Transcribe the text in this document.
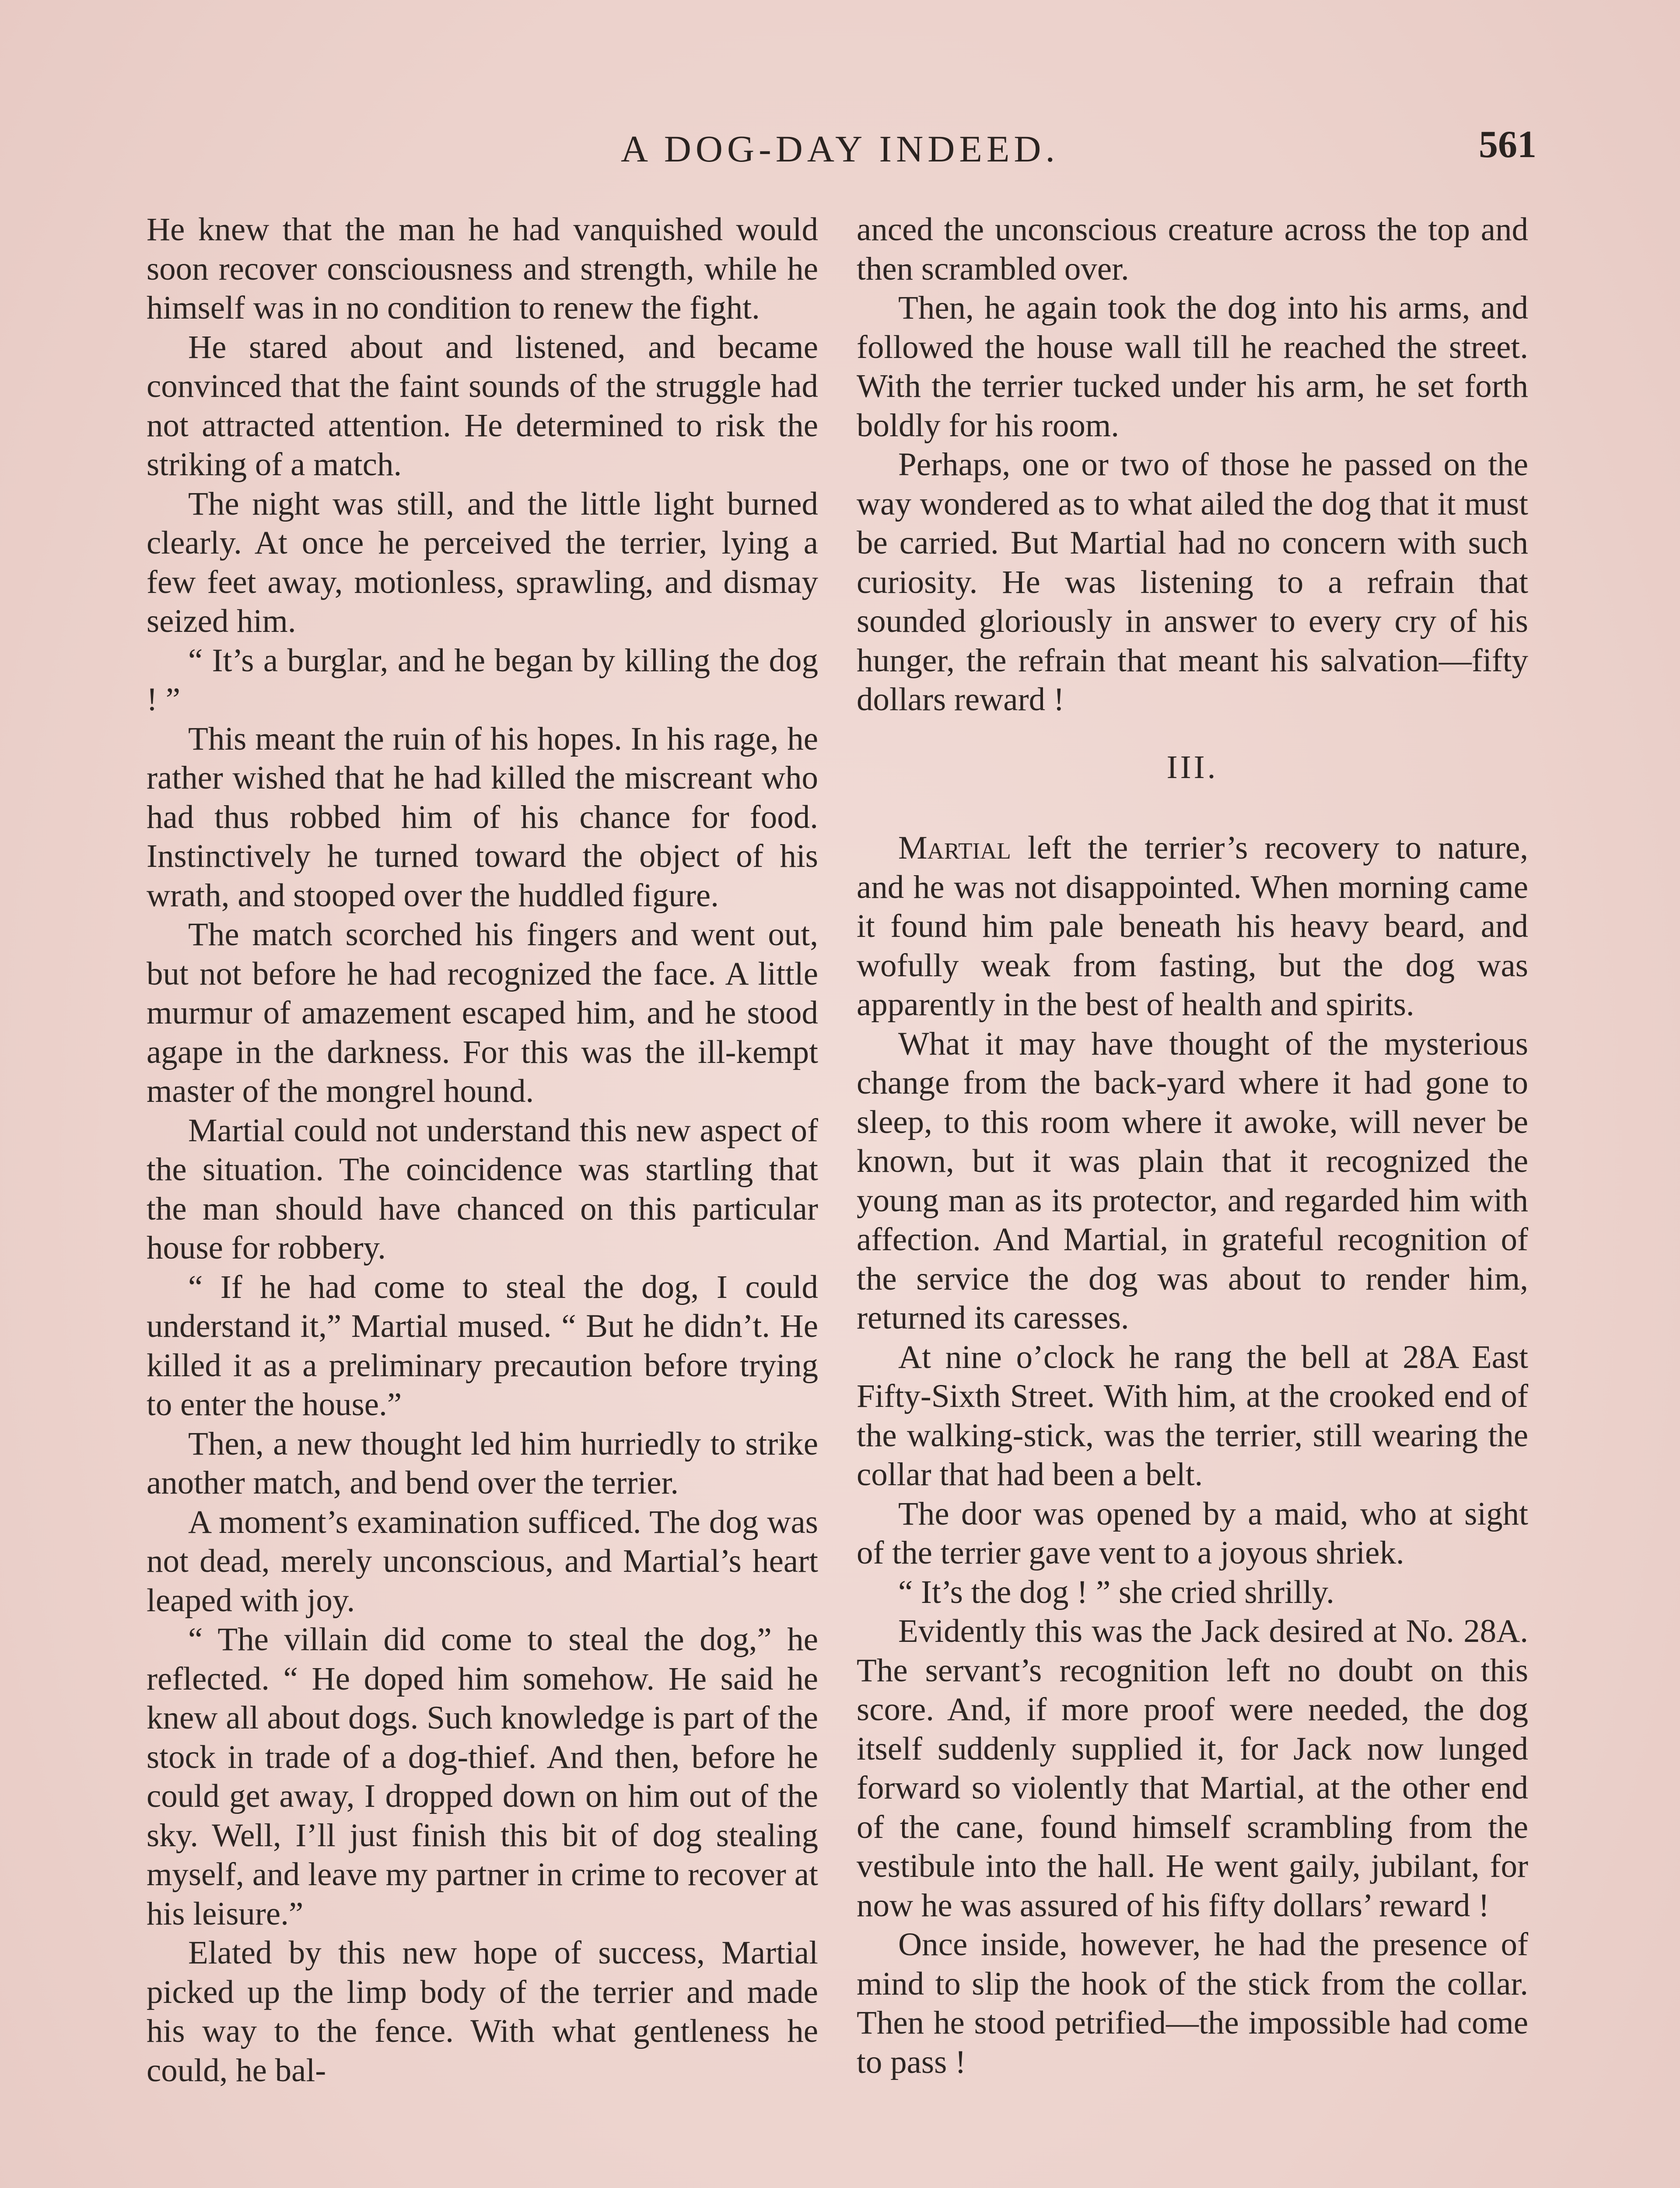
A DOG-DAY INDEED.	561

He knew that the man he had vanquished would soon recover consciousness and strength, while he himself was in no condition to renew the fight.

He stared about and listened, and became convinced that the faint sounds of the struggle had not attracted attention. He determined to risk the striking of a match.

The night was still, and the little light burned clearly. At once he perceived the terrier, lying a few feet away, motionless, sprawling, and dismay seized him.

“ It’s a burglar, and he began by killing the dog ! ”

This meant the ruin of his hopes. In his rage, he rather wished that he had killed the miscreant who had thus robbed him of his chance for food. Instinctively he turned toward the object of his wrath, and stooped over the huddled figure.

The match scorched his fingers and went out, but not before he had recognized the face. A little murmur of amazement escaped him, and he stood agape in the darkness. For this was the ill-kempt master of the mongrel hound.

Martial could not understand this new aspect of the situation. The coincidence was startling that the man should have chanced on this particular house for robbery.

“ If he had come to steal the dog, I could understand it,” Martial mused. “ But he didn’t. He killed it as a preliminary precaution before trying to enter the house.”

Then, a new thought led him hurriedly to strike another match, and bend over the terrier.

A moment’s examination sufficed. The dog was not dead, merely unconscious, and Martial’s heart leaped with joy.

“ The villain did come to steal the dog,” he reflected. “ He doped him somehow. He said he knew all about dogs. Such knowledge is part of the stock in trade of a dog-thief. And then, before he could get away, I dropped down on him out of the sky. Well, I’ll just finish this bit of dog stealing myself, and leave my partner in crime to recover at his leisure.”

Elated by this new hope of success, Martial picked up the limp body of the terrier and made his way to the fence. With what gentleness he could, he bal-

anced the unconscious creature across the top and then scrambled over.

Then, he again took the dog into his arms, and followed the house wall till he reached the street. With the terrier tucked under his arm, he set forth boldly for his room.

Perhaps, one or two of those he passed on the way wondered as to what ailed the dog that it must be carried. But Martial had no concern with such curiosity. He was listening to a refrain that sounded gloriously in answer to every cry of his hunger, the refrain that meant his salvation—fifty dollars reward !

III.

Martial left the terrier’s recovery to nature, and he was not disappointed. When morning came it found him pale beneath his heavy beard, and wofully weak from fasting, but the dog was apparently in the best of health and spirits.

What it may have thought of the mysterious change from the back-yard where it had gone to sleep, to this room where it awoke, will never be known, but it was plain that it recognized the young man as its protector, and regarded him with affection. And Martial, in grateful recognition of the service the dog was about to render him, returned its caresses.

At nine o’clock he rang the bell at 28A East Fifty-Sixth Street. With him, at the crooked end of the walking-stick, was the terrier, still wearing the collar that had been a belt.

The door was opened by a maid, who at sight of the terrier gave vent to a joyous shriek.

“ It’s the dog ! ” she cried shrilly.

Evidently this was the Jack desired at No. 28A. The servant’s recognition left no doubt on this score. And, if more proof were needed, the dog itself suddenly supplied it, for Jack now lunged forward so violently that Martial, at the other end of the cane, found himself scrambling from the vestibule into the hall. He went gaily, jubilant, for now he was assured of his fifty dollars’ reward !

Once inside, however, he had the presence of mind to slip the hook of the stick from the collar. Then he stood petrified—the impossible had come to pass !
